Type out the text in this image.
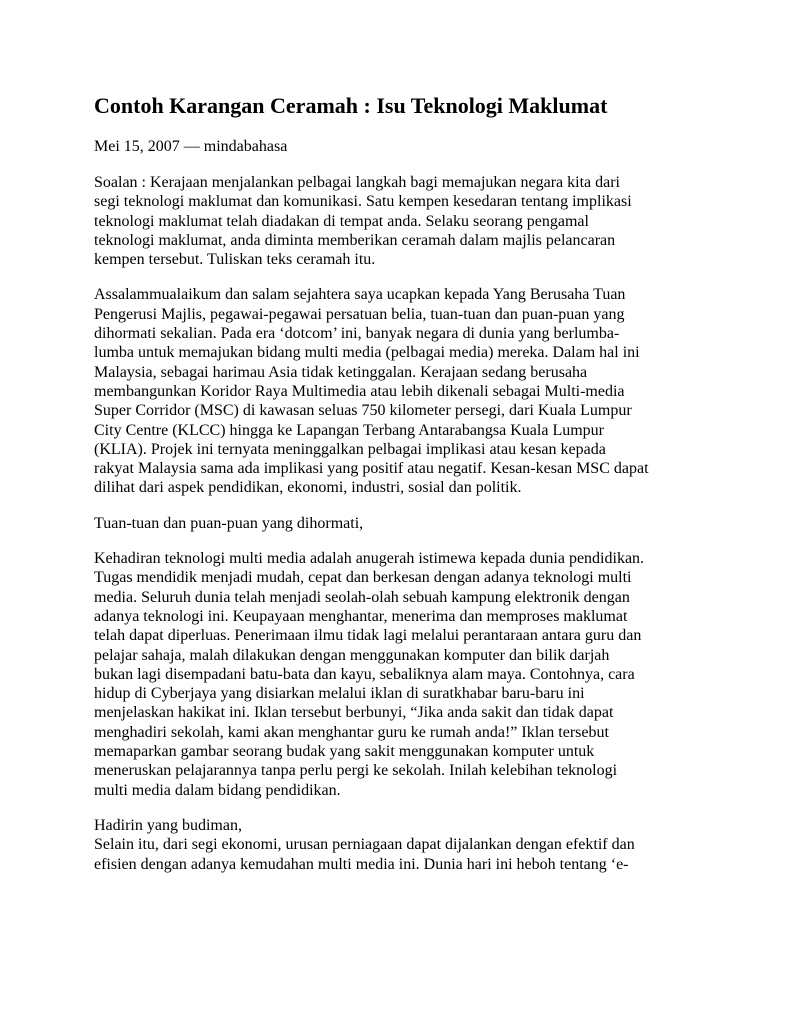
Contoh Karangan Ceramah : Isu Teknologi Maklumat
Mei 15, 2007 — mindabahasa

Soalan : Kerajaan menjalankan pelbagai langkah bagi memajukan negara kita dari
segi teknologi maklumat dan komunikasi. Satu kempen kesedaran tentang implikasi
teknologi maklumat telah diadakan di tempat anda. Selaku seorang pengamal
teknologi maklumat, anda diminta memberikan ceramah dalam majlis pelancaran
kempen tersebut. Tuliskan teks ceramah itu.

Assalammualaikum dan salam sejahtera saya ucapkan kepada Yang Berusaha Tuan
Pengerusi Majlis, pegawai-pegawai persatuan belia, tuan-tuan dan puan-puan yang
dihormati sekalian. Pada era ‘dotcom’ ini, banyak negara di dunia yang berlumba-
lumba untuk memajukan bidang multi media (pelbagai media) mereka. Dalam hal ini
Malaysia, sebagai harimau Asia tidak ketinggalan. Kerajaan sedang berusaha
membangunkan Koridor Raya Multimedia atau lebih dikenali sebagai Multi-media
Super Corridor (MSC) di kawasan seluas 750 kilometer persegi, dari Kuala Lumpur
City Centre (KLCC) hingga ke Lapangan Terbang Antarabangsa Kuala Lumpur
(KLIA). Projek ini ternyata meninggalkan pelbagai implikasi atau kesan kepada
rakyat Malaysia sama ada implikasi yang positif atau negatif. Kesan-kesan MSC dapat
dilihat dari aspek pendidikan, ekonomi, industri, sosial dan politik.

Tuan-tuan dan puan-puan yang dihormati,

Kehadiran teknologi multi media adalah anugerah istimewa kepada dunia pendidikan.
Tugas mendidik menjadi mudah, cepat dan berkesan dengan adanya teknologi multi
media. Seluruh dunia telah menjadi seolah-olah sebuah kampung elektronik dengan
adanya teknologi ini. Keupayaan menghantar, menerima dan memproses maklumat
telah dapat diperluas. Penerimaan ilmu tidak lagi melalui perantaraan antara guru dan
pelajar sahaja, malah dilakukan dengan menggunakan komputer dan bilik darjah
bukan lagi disempadani batu-bata dan kayu, sebaliknya alam maya. Contohnya, cara
hidup di Cyberjaya yang disiarkan melalui iklan di suratkhabar baru-baru ini
menjelaskan hakikat ini. Iklan tersebut berbunyi, “Jika anda sakit dan tidak dapat
menghadiri sekolah, kami akan menghantar guru ke rumah anda!” Iklan tersebut
memaparkan gambar seorang budak yang sakit menggunakan komputer untuk
meneruskan pelajarannya tanpa perlu pergi ke sekolah. Inilah kelebihan teknologi
multi media dalam bidang pendidikan.

Hadirin yang budiman,
Selain itu, dari segi ekonomi, urusan perniagaan dapat dijalankan dengan efektif dan
efisien dengan adanya kemudahan multi media ini. Dunia hari ini heboh tentang ‘e-
